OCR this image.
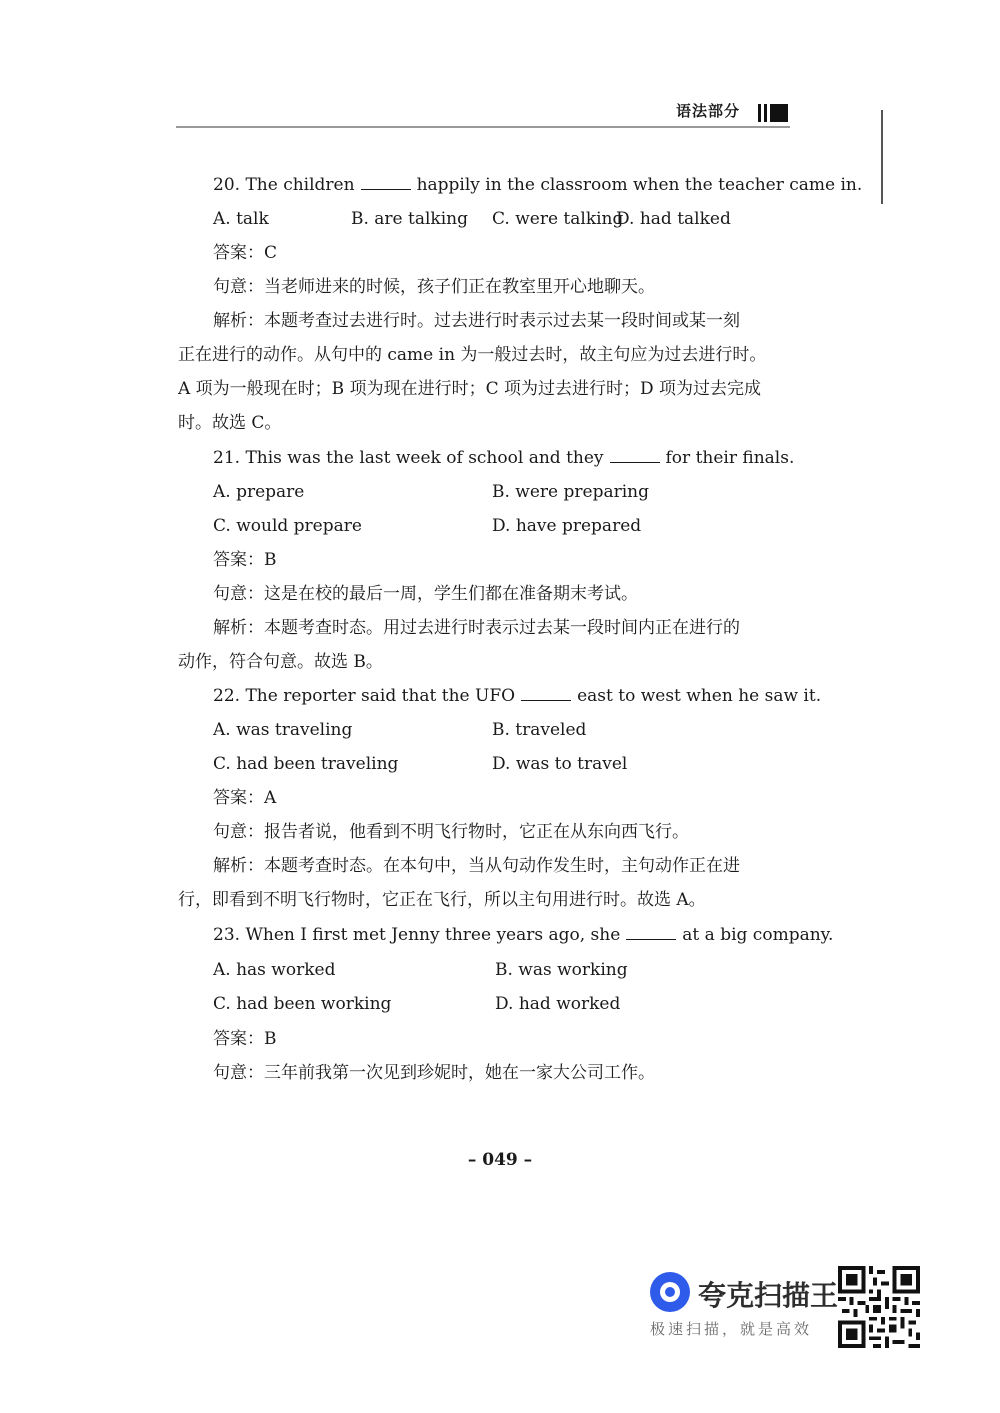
语法部分
20. The children	happily in the classroom when the teacher came in.
A. talk	B. are talking C. were talking
D. had talked
答案：C
句意：当老师进来的时候，孩子们正在教室里开心地聊天。
解析：本题考查过去进行时。过去进行时表示过去某一段时间或某一刻
正在进行的动作。从句中的 came in 为一般过去时，故主句应为过去进行时。
A 项为一般现在时；B 项为现在进行时；C 项为过去进行时；D 项为过去完成
时。故选 C。
21. This was the last week of school and they	for their finals.
A. prepare	B. were preparing
C. would prepare	D. have prepared
答案：B
句意：这是在校的最后一周，学生们都在准备期末考试。
解析：本题考查时态。用过去进行时表示过去某一段时间内正在进行的
动作，符合句意。故选 B。
22. The reporter said that the UFO	east to west when he saw it.
A. was traveling	B. traveled
C. had been traveling	D. was to travel
答案：A
句意：报告者说，他看到不明飞行物时，它正在从东向西飞行。
解析：本题考查时态。在本句中，当从句动作发生时，主句动作正在进
行，即看到不明飞行物时，它正在飞行，所以主句用进行时。故选 A。
23. When I first met Jenny three years ago, she	at a big company.
A. has worked	B. was working
C. had been working	D. had worked
答案：B
句意：三年前我第一次见到珍妮时，她在一家大公司工作。
– 049 –
夸克扫描王
极速扫描，就是高效
